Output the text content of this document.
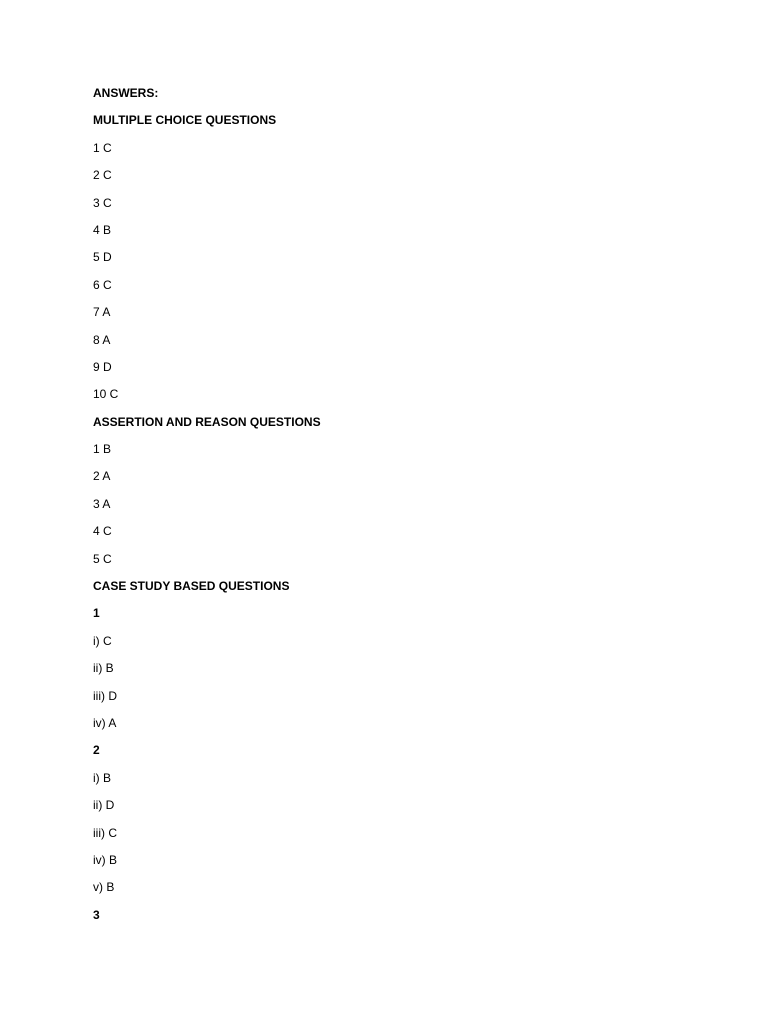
ANSWERS:
MULTIPLE CHOICE QUESTIONS
1 C
2 C
3 C
4 B
5 D
6 C
7 A
8 A
9 D
10 C
ASSERTION AND REASON QUESTIONS
1 B
2 A
3 A
4 C
5 C
CASE STUDY BASED QUESTIONS
1
i) C
ii) B
iii) D
iv) A
2
i) B
ii) D
iii) C
iv) B
v) B
3
